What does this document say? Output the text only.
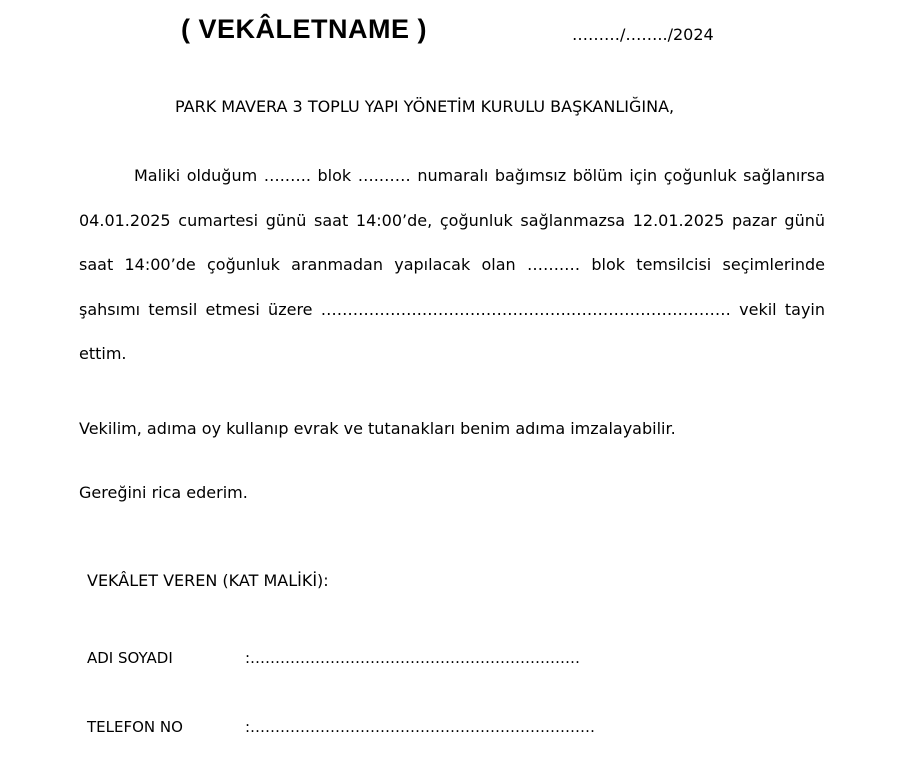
( VEKÂLETNAME )	………/……../2024
PARK MAVERA 3 TOPLU YAPI YÖNETİM KURULU BAŞKANLIĞINA,

Maliki olduğum ….….. blok ….…… numaralı bağımsız bölüm için çoğunluk sağlanırsa 04.01.2025 cumartesi günü saat 14:00’de, çoğunluk sağlanmazsa 12.01.2025 pazar günü saat 14:00’de çoğunluk aranmadan yapılacak olan …….… blok temsilcisi seçimlerinde şahsımı temsil etmesi üzere ……………….……………………….………………………… vekil tayin ettim.

Vekilim, adıma oy kullanıp evrak ve tutanakları benim adıma imzalayabilir.
Gereğini rica ederim.
VEKÂLET VEREN (KAT MALİKİ):
ADI SOYADI	:…………………………………………………………
TELEFON NO	:……………………………………………………………
